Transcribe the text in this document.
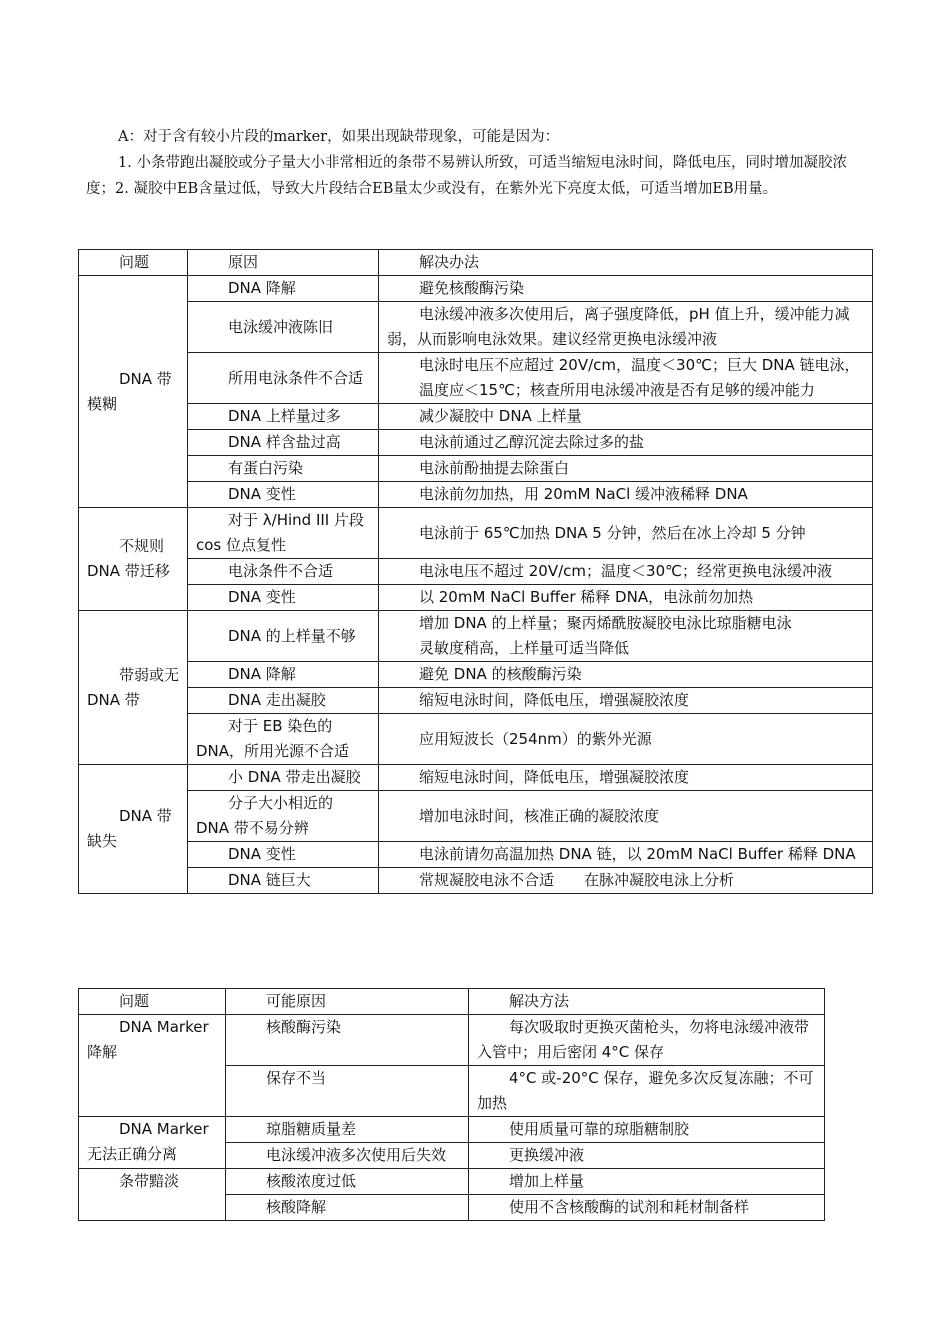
A：对于含有较小片段的marker，如果出现缺带现象，可能是因为：

1. 小条带跑出凝胶或分子量大小非常相近的条带不易辨认所致，可适当缩短电泳时间，降低电压，同时增加凝胶浓度；2. 凝胶中EB含量过低，导致大片段结合EB量太少或没有，在紫外光下亮度太低，可适当增加EB用量。

问题	原因	解决办法
DNA 带模糊	DNA 降解	避免核酸酶污染
	电泳缓冲液陈旧	电泳缓冲液多次使用后，离子强度降低，pH 值上升，缓冲能力减弱，从而影响电泳效果。建议经常更换电泳缓冲液
	所用电泳条件不合适	电泳时电压不应超过 20V/cm，温度＜30℃；巨大 DNA 链电泳，
温度应＜15℃；核查所用电泳缓冲液是否有足够的缓冲能力

	DNA 上样量过多	减少凝胶中 DNA 上样量
	DNA 样含盐过高	电泳前通过乙醇沉淀去除过多的盐
	有蛋白污染	电泳前酚抽提去除蛋白
	DNA 变性	电泳前勿加热，用 20mM NaCl 缓冲液稀释 DNA
不规则 DNA 带迁移	对于 λ/Hind III 片段 cos 位点复性	电泳前于 65℃加热 DNA 5 分钟，然后在冰上冷却 5 分钟
	电泳条件不合适	电泳电压不超过 20V/cm；温度＜30℃；经常更换电泳缓冲液
	DNA 变性	以 20mM NaCl Buffer 稀释 DNA，电泳前勿加热
带弱或无 DNA 带	DNA 的上样量不够	增加 DNA 的上样量；聚丙烯酰胺凝胶电泳比琼脂糖电泳
灵敏度稍高，上样量可适当降低

	DNA 降解	避免 DNA 的核酸酶污染
	DNA 走出凝胶	缩短电泳时间，降低电压，增强凝胶浓度
	对于 EB 染色的 DNA，所用光源不合适	应用短波长（254nm）的紫外光源
DNA 带缺失	小 DNA 带走出凝胶	缩短电泳时间，降低电压，增强凝胶浓度
	分子大小相近的 DNA 带不易分辨	增加电泳时间，核准正确的凝胶浓度
	DNA 变性	电泳前请勿高温加热 DNA 链，以 20mM NaCl Buffer 稀释 DNA
	DNA 链巨大	常规凝胶电泳不合适　　在脉冲凝胶电泳上分析
问题	可能原因	解决方法
DNA Marker 降解	核酸酶污染	每次吸取时更换灭菌枪头，勿将电泳缓冲液带入管中；用后密闭 4°C 保存
	保存不当	4°C 或-20°C 保存，避免多次反复冻融；不可加热
DNA Marker 无法正确分离	琼脂糖质量差	使用质量可靠的琼脂糖制胶
	电泳缓冲液多次使用后失效	更换缓冲液
条带黯淡	核酸浓度过低	增加上样量
	核酸降解	使用不含核酸酶的试剂和耗材制备样
